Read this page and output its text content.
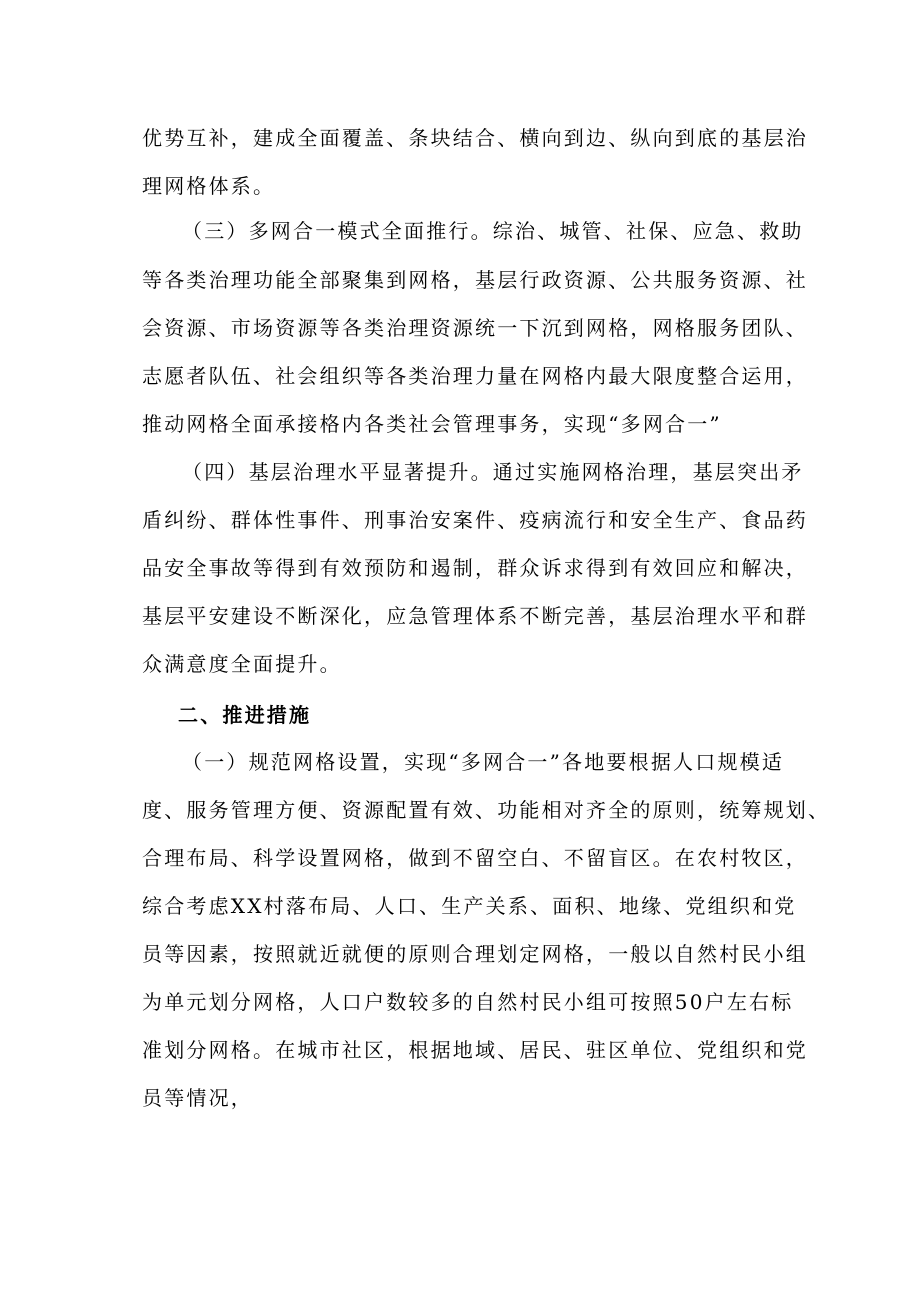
优势互补，建成全面覆盖、条块结合、横向到边、纵向到底的基层治
理网格体系。
（三）多网合一模式全面推行。综治、城管、社保、应急、救助
等各类治理功能全部聚集到网格，基层行政资源、公共服务资源、社
会资源、市场资源等各类治理资源统一下沉到网格，网格服务团队、
志愿者队伍、社会组织等各类治理力量在网格内最大限度整合运用，
推动网格全面承接格内各类社会管理事务，实现“多网合一”
（四）基层治理水平显著提升。通过实施网格治理，基层突出矛
盾纠纷、群体性事件、刑事治安案件、疫病流行和安全生产、食品药
品安全事故等得到有效预防和遏制，群众诉求得到有效回应和解决，
基层平安建设不断深化，应急管理体系不断完善，基层治理水平和群
众满意度全面提升。
二、推进措施
（一）规范网格设置，实现“多网合一”各地要根据人口规模适
度、服务管理方便、资源配置有效、功能相对齐全的原则，统筹规划、
合理布局、科学设置网格，做到不留空白、不留盲区。在农村牧区，
综合考虑XX村落布局、人口、生产关系、面积、地缘、党组织和党
员等因素，按照就近就便的原则合理划定网格，一般以自然村民小组
为单元划分网格，人口户数较多的自然村民小组可按照50户左右标
准划分网格。在城市社区，根据地域、居民、驻区单位、党组织和党
员等情况，
